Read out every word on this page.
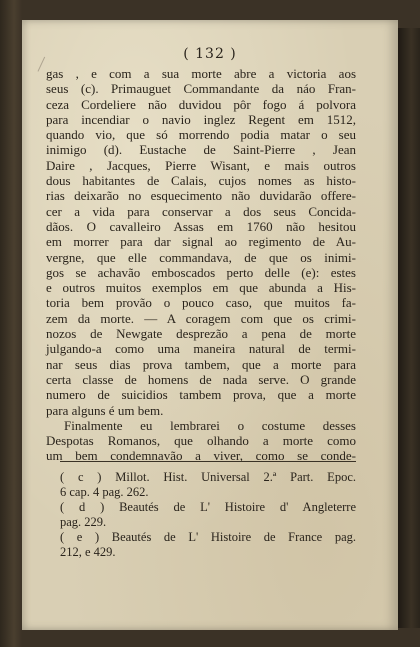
( 132 )
gas , e com a sua morte abre a victoria aos
seus (c). Primauguet Commandante da náo Fran-
ceza Cordeliere não duvidou pôr fogo á polvora
para incendiar o navio inglez Regent em 1512,
quando vio, que só morrendo podia matar o seu
inimigo (d). Eustache de Saint-Pierre , Jean
Daire , Jacques, Pierre Wisant, e mais outros
dous habitantes de Calais, cujos nomes as histo-
rias deixarão no esquecimento não duvidarão offere-
cer a vida para conservar a dos seus Concida-
dãos. O cavalleiro Assas em 1760 não hesitou
em morrer para dar signal ao regimento de Au-
vergne, que elle commandava, de que os inimi-
gos se achavão emboscados perto delle (e): estes
e outros muitos exemplos em que abunda a His-
toria bem provão o pouco caso, que muitos fa-
zem da morte. — A coragem com que os crimi-
nozos de Newgate desprezão a pena de morte
julgando-a como uma maneira natural de termi-
nar seus dias prova tambem, que a morte para
certa classe de homens de nada serve. O grande
numero de suicidios tambem prova, que a morte
para alguns é um bem.
Finalmente eu lembrarei o costume desses
Despotas Romanos, que olhando a morte como
um bem condemnavão a viver, como se conde-
( c ) Millot. Hist. Universal 2.ª Part. Epoc.
6 cap. 4 pag. 262.
( d ) Beautés de L' Histoire d' Angleterre
pag. 229.
( e ) Beautés de L' Histoire de France pag.
212, e 429.
